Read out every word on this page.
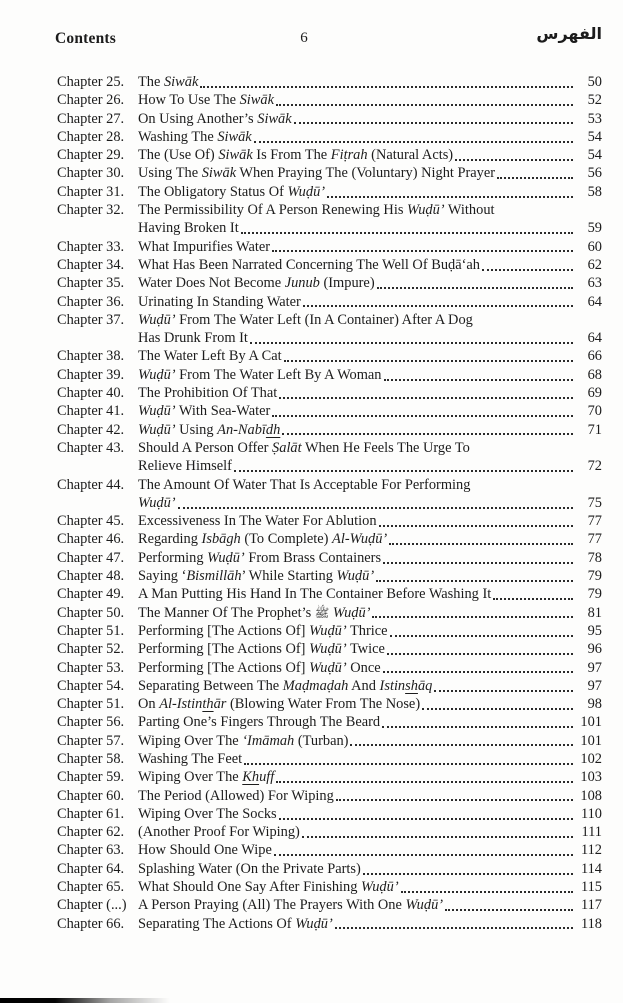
Contents	6	الفهرس
Chapter 25. The Siwāk	50
Chapter 26. How To Use The Siwāk	52
Chapter 27. On Using Another’s Siwāk	53
Chapter 28. Washing The Siwāk	54
Chapter 29. The (Use Of) Siwāk Is From The Fiṭrah (Natural Acts)	54
Chapter 30. Using The Siwāk When Praying The (Voluntary) Night Prayer	56
Chapter 31. The Obligatory Status Of Wuḍū’	58
Chapter 32. The Permissibility Of A Person Renewing His Wuḍū’ Without
Having Broken It	59
Chapter 33. What Impurifies Water	60
Chapter 34. What Has Been Narrated Concerning The Well Of Buḍā‘ah	62
Chapter 35. Water Does Not Become Junub (Impure)	63
Chapter 36. Urinating In Standing Water	64
Chapter 37. Wuḍū’ From The Water Left (In A Container) After A Dog
Has Drunk From It	64
Chapter 38. The Water Left By A Cat	66
Chapter 39. Wuḍū’ From The Water Left By A Woman	68
Chapter 40. The Prohibition Of That	69
Chapter 41. Wuḍū’ With Sea-Water	70
Chapter 42. Wuḍū’ Using An-Nabīdh	71
Chapter 43. Should A Person Offer Ṣalāt When He Feels The Urge To
Relieve Himself	72
Chapter 44. The Amount Of Water That Is Acceptable For Performing
Wuḍū’	75
Chapter 45. Excessiveness In The Water For Ablution	77
Chapter 46. Regarding Isbāgh (To Complete) Al-Wuḍū’	77
Chapter 47. Performing Wuḍū’ From Brass Containers	78
Chapter 48. Saying ‘Bismillāh’ While Starting Wuḍū’	79
Chapter 49. A Man Putting His Hand In The Container Before Washing It	79
Chapter 50. The Manner Of The Prophet’s ﷺ Wuḍū’	81
Chapter 51. Performing [The Actions Of] Wuḍū’ Thrice	95
Chapter 52. Performing [The Actions Of] Wuḍū’ Twice	96
Chapter 53. Performing [The Actions Of] Wuḍū’ Once	97
Chapter 54. Separating Between The Maḍmaḍah And Istinshāq	97
Chapter 51. On Al-Istinthār (Blowing Water From The Nose)	98
Chapter 56. Parting One’s Fingers Through The Beard	101
Chapter 57. Wiping Over The ‘Imāmah (Turban)	101
Chapter 58. Washing The Feet	102
Chapter 59. Wiping Over The Khuff	103
Chapter 60. The Period (Allowed) For Wiping	108
Chapter 61. Wiping Over The Socks	110
Chapter 62. (Another Proof For Wiping)	111
Chapter 63. How Should One Wipe	112
Chapter 64. Splashing Water (On the Private Parts)	114
Chapter 65. What Should One Say After Finishing Wuḍū’	115
Chapter (...) A Person Praying (All) The Prayers With One Wuḍū’	117
Chapter 66. Separating The Actions Of Wuḍū’	118
